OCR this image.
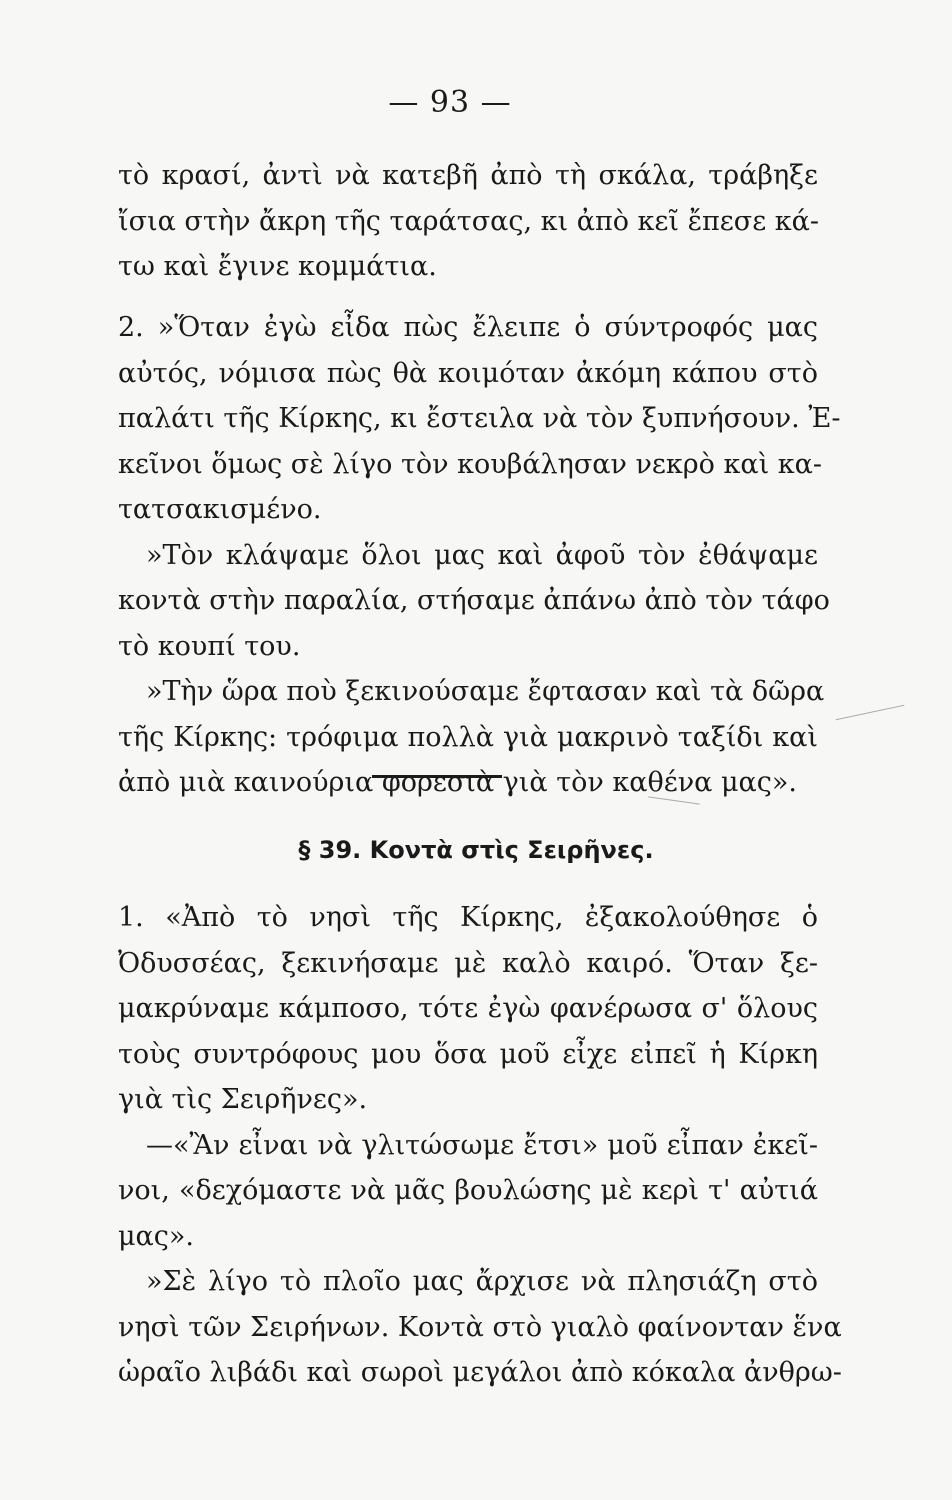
— 93 —
τὸ κρασί, ἀντὶ νὰ κατεβῆ ἀπὸ τὴ σκάλα, τράβηξε
ἴσια στὴν ἄκρη τῆς ταράτσας, κι ἀπὸ κεῖ ἔπεσε κά-
τω καὶ ἔγινε κομμάτια.
2. »Ὅταν ἐγὼ εἶδα πὼς ἔλειπε ὁ σύντροφός μας
αὐτός, νόμισα πὼς θὰ κοιμόταν ἀκόμη κάπου στὸ
παλάτι τῆς Κίρκης, κι ἔστειλα νὰ τὸν ξυπνήσουν. Ἐ-
κεῖνοι ὅμως σὲ λίγο τὸν κουβάλησαν νεκρὸ καὶ κα-
τατσακισμένο.
»Τὸν κλάψαμε ὅλοι μας καὶ ἀφοῦ τὸν ἐθάψαμε
κοντὰ στὴν παραλία, στήσαμε ἀπάνω ἀπὸ τὸν τάφο
τὸ κουπί του.
»Τὴν ὥρα ποὺ ξεκινούσαμε ἔφτασαν καὶ τὰ δῶρα
τῆς Κίρκης: τρόφιμα πολλὰ γιὰ μακρινὸ ταξίδι καὶ
ἀπὸ μιὰ καινούρια φορεσιὰ γιὰ τὸν καθένα μας».
§ 39. Κοντὰ στὶς Σειρῆνες.
1. «Ἀπὸ τὸ νησὶ τῆς Κίρκης, ἐξακολούθησε ὁ
Ὀδυσσέας, ξεκινήσαμε μὲ καλὸ καιρό. Ὅταν ξε-
μακρύναμε κάμποσο, τότε ἐγὼ φανέρωσα σ' ὅλους
τοὺς συντρόφους μου ὅσα μοῦ εἶχε εἰπεῖ ἡ Κίρκη
γιὰ τὶς Σειρῆνες».
—«Ἂν εἶναι νὰ γλιτώσωμε ἔτσι» μοῦ εἶπαν ἐκεῖ-
νοι, «δεχόμαστε νὰ μᾶς βουλώσης μὲ κερὶ τ' αὐτιά
μας».
»Σὲ λίγο τὸ πλοῖο μας ἄρχισε νὰ πλησιάζη στὸ
νησὶ τῶν Σειρήνων. Κοντὰ στὸ γιαλὸ φαίνονταν ἕνα
ὡραῖο λιβάδι καὶ σωροὶ μεγάλοι ἀπὸ κόκαλα ἀνθρω-
